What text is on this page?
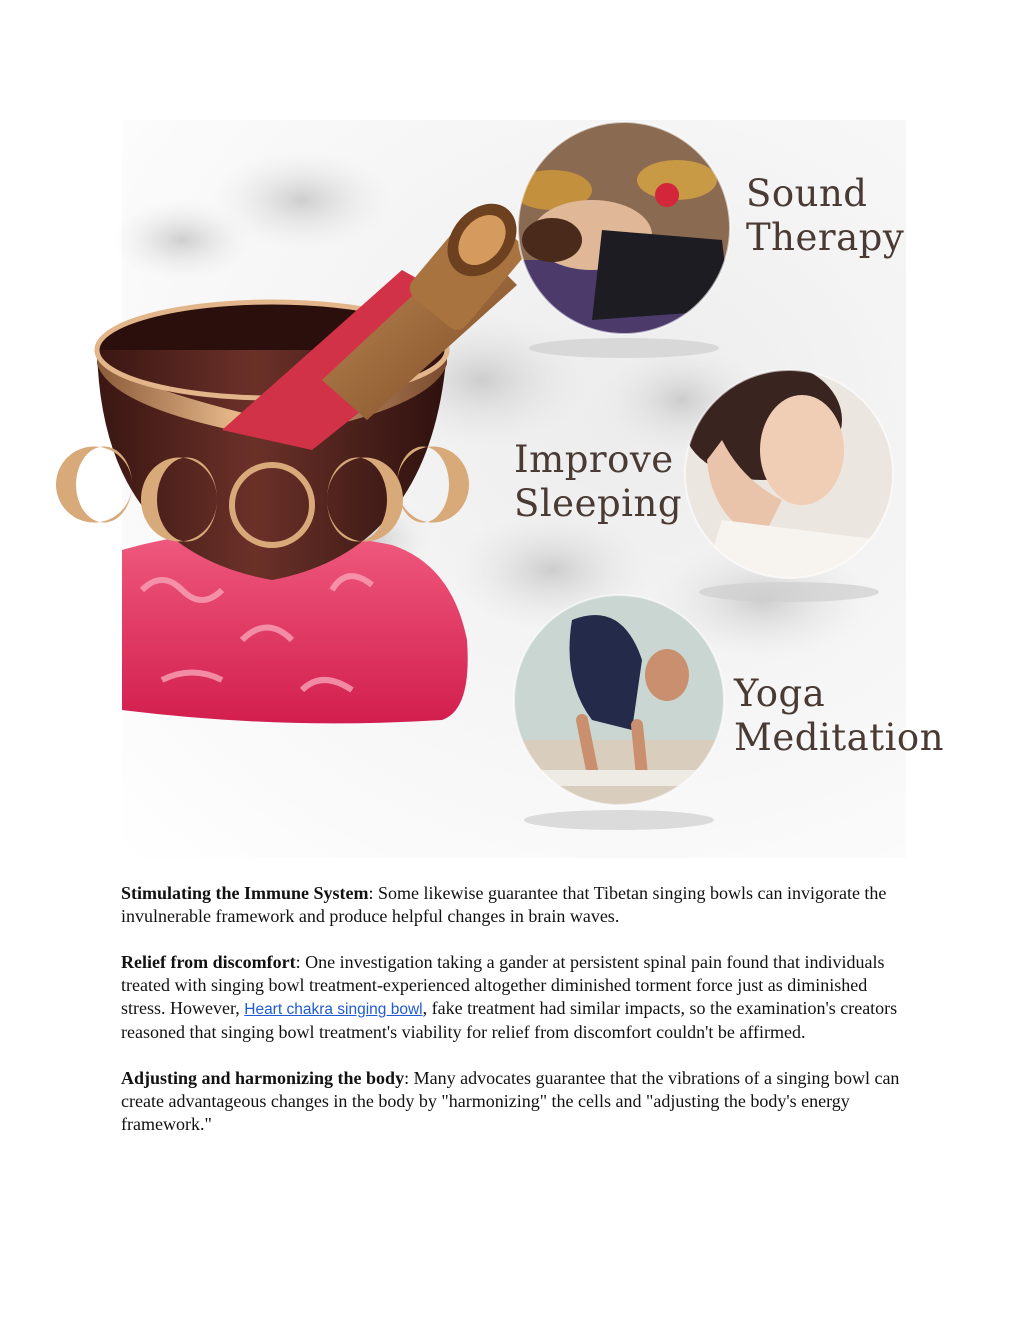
Sound
Therapy
Improve
Sleeping
Yoga
Meditation

Stimulating the Immune System: Some likewise guarantee that Tibetan singing bowls can invigorate the invulnerable framework and produce helpful changes in brain waves.

Relief from discomfort: One investigation taking a gander at persistent spinal pain found that individuals treated with singing bowl treatment-experienced altogether diminished torment force just as diminished stress. However, Heart chakra singing bowl, fake treatment had similar impacts, so the examination's creators reasoned that singing bowl treatment's viability for relief from discomfort couldn't be affirmed.

Adjusting and harmonizing the body: Many advocates guarantee that the vibrations of a singing bowl can create advantageous changes in the body by "harmonizing" the cells and "adjusting the body's energy framework."
